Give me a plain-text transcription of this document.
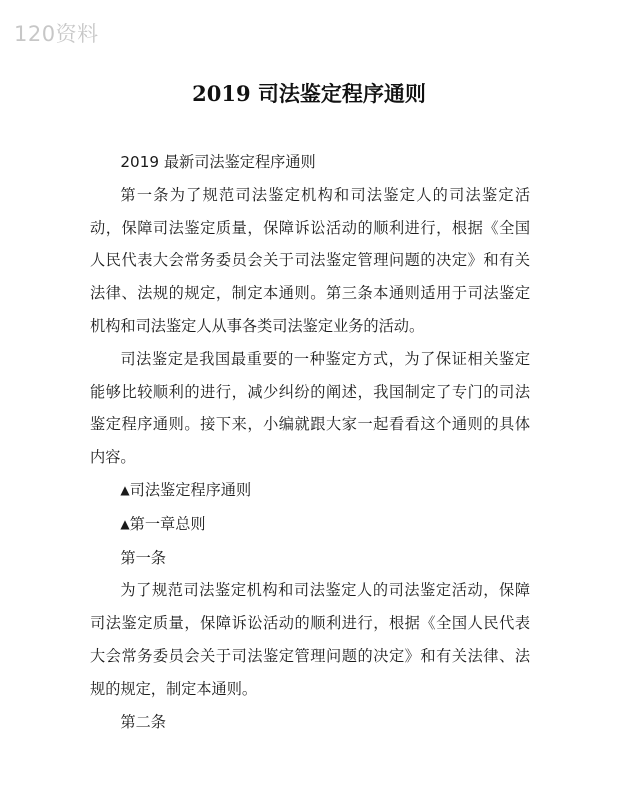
120资料
2019 司法鉴定程序通则

2019 最新司法鉴定程序通则

第一条为了规范司法鉴定机构和司法鉴定人的司法鉴定活动，保障司法鉴定质量，保障诉讼活动的顺利进行，根据《全国人民代表大会常务委员会关于司法鉴定管理问题的决定》和有关法律、法规的规定，制定本通则。第三条本通则适用于司法鉴定机构和司法鉴定人从事各类司法鉴定业务的活动。

司法鉴定是我国最重要的一种鉴定方式，为了保证相关鉴定能够比较顺利的进行，减少纠纷的阐述，我国制定了专门的司法鉴定程序通则。接下来，小编就跟大家一起看看这个通则的具体内容。

▲司法鉴定程序通则

▲第一章总则

第一条

为了规范司法鉴定机构和司法鉴定人的司法鉴定活动，保障司法鉴定质量，保障诉讼活动的顺利进行，根据《全国人民代表大会常务委员会关于司法鉴定管理问题的决定》和有关法律、法规的规定，制定本通则。

第二条
